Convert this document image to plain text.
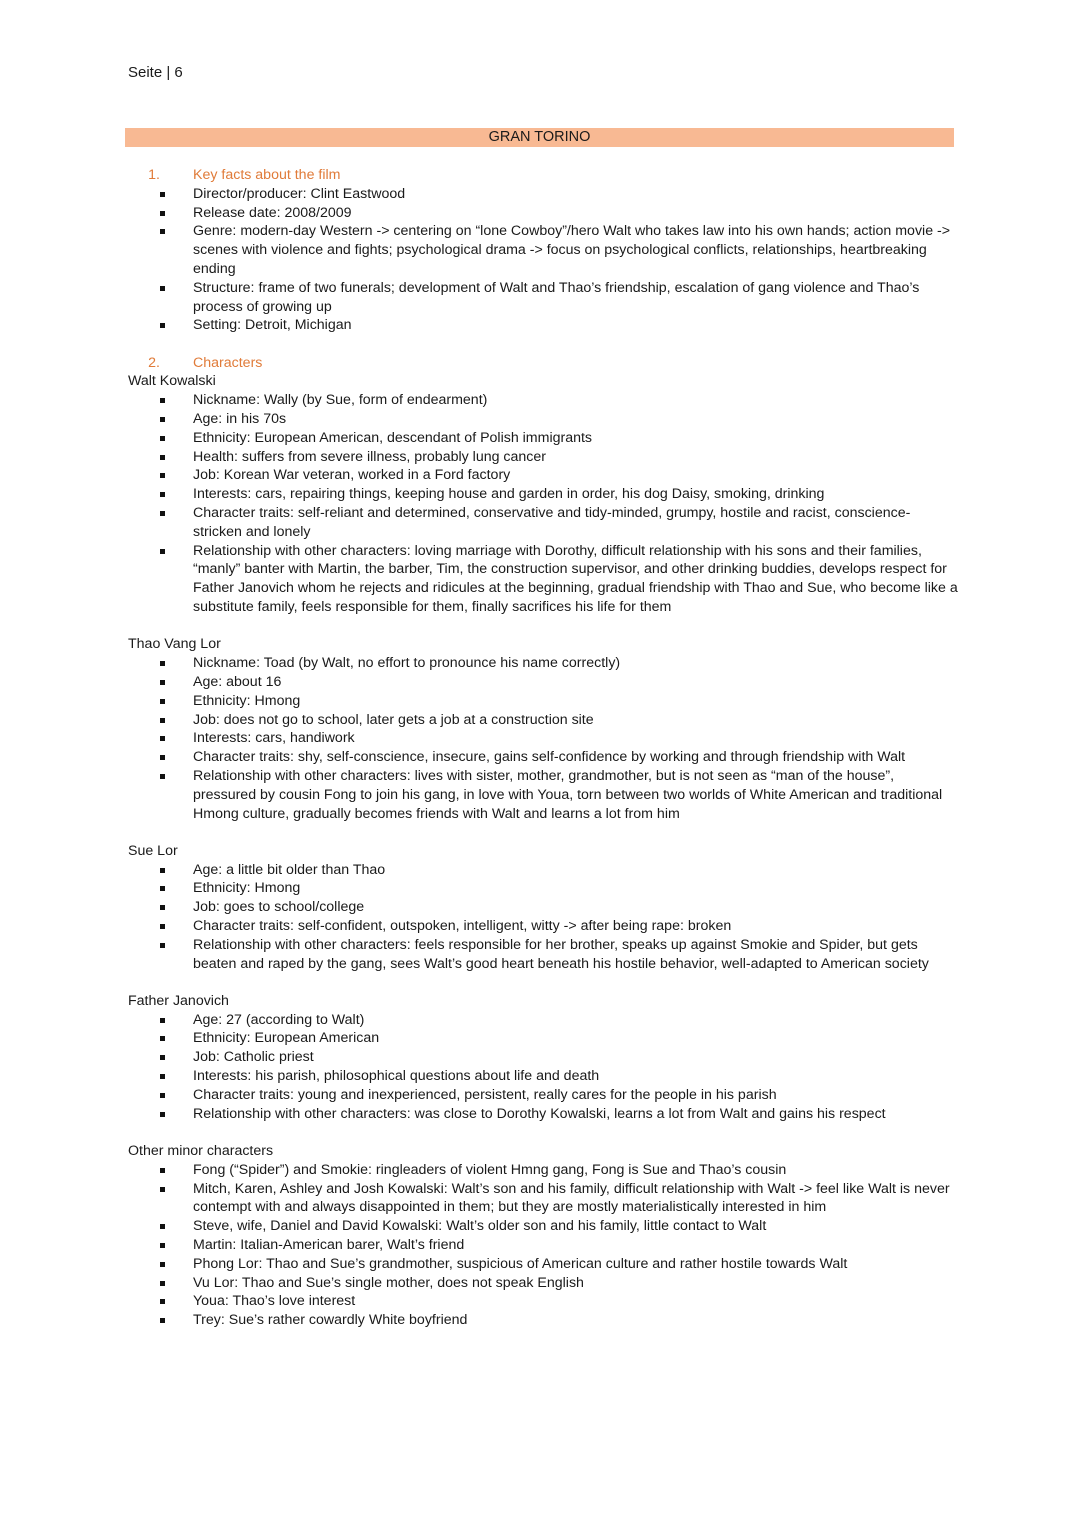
Seite | 6
GRAN TORINO
1.	Key facts about the film
Director/producer: Clint Eastwood
Release date: 2008/2009
Genre: modern-day Western -> centering on “lone Cowboy”/hero Walt who takes law into his own hands; action movie -> scenes with violence and fights; psychological drama -> focus on psychological conflicts, relationships, heartbreaking ending
Structure: frame of two funerals; development of Walt and Thao’s friendship, escalation of gang violence and Thao’s process of growing up
Setting: Detroit, Michigan
2.	Characters
Walt Kowalski
Nickname: Wally (by Sue, form of endearment)
Age: in his 70s
Ethnicity: European American, descendant of Polish immigrants
Health: suffers from severe illness, probably lung cancer
Job: Korean War veteran, worked in a Ford factory
Interests: cars, repairing things, keeping house and garden in order, his dog Daisy, smoking, drinking
Character traits: self-reliant and determined, conservative and tidy-minded, grumpy, hostile and racist, conscience-stricken and lonely
Relationship with other characters: loving marriage with Dorothy, difficult relationship with his sons and their families, “manly” banter with Martin, the barber, Tim, the construction supervisor, and other drinking buddies, develops respect for Father Janovich whom he rejects and ridicules at the beginning, gradual friendship with Thao and Sue, who become like a substitute family, feels responsible for them, finally sacrifices his life for them
Thao Vang Lor
Nickname: Toad (by Walt, no effort to pronounce his name correctly)
Age: about 16
Ethnicity: Hmong
Job: does not go to school, later gets a job at a construction site
Interests: cars, handiwork
Character traits: shy, self-conscience, insecure, gains self-confidence by working and through friendship with Walt
Relationship with other characters: lives with sister, mother, grandmother, but is not seen as “man of the house”, pressured by cousin Fong to join his gang, in love with Youa, torn between two worlds of White American and traditional Hmong culture, gradually becomes friends with Walt and learns a lot from him
Sue Lor
Age: a little bit older than Thao
Ethnicity: Hmong
Job: goes to school/college
Character traits: self-confident, outspoken, intelligent, witty -> after being rape: broken
Relationship with other characters: feels responsible for her brother, speaks up against Smokie and Spider, but gets beaten and raped by the gang, sees Walt’s good heart beneath his hostile behavior, well-adapted to American society
Father Janovich
Age: 27 (according to Walt)
Ethnicity: European American
Job: Catholic priest
Interests: his parish, philosophical questions about life and death
Character traits: young and inexperienced, persistent, really cares for the people in his parish
Relationship with other characters: was close to Dorothy Kowalski, learns a lot from Walt and gains his respect
Other minor characters
Fong (“Spider”) and Smokie: ringleaders of violent Hmng gang, Fong is Sue and Thao’s cousin
Mitch, Karen, Ashley and Josh Kowalski: Walt’s son and his family, difficult relationship with Walt -> feel like Walt is never contempt with and always disappointed in them; but they are mostly materialistically interested in him
Steve, wife, Daniel and David Kowalski: Walt’s older son and his family, little contact to Walt
Martin: Italian-American barer, Walt’s friend
Phong Lor: Thao and Sue’s grandmother, suspicious of American culture and rather hostile towards Walt
Vu Lor: Thao and Sue’s single mother, does not speak English
Youa: Thao’s love interest
Trey: Sue’s rather cowardly White boyfriend
